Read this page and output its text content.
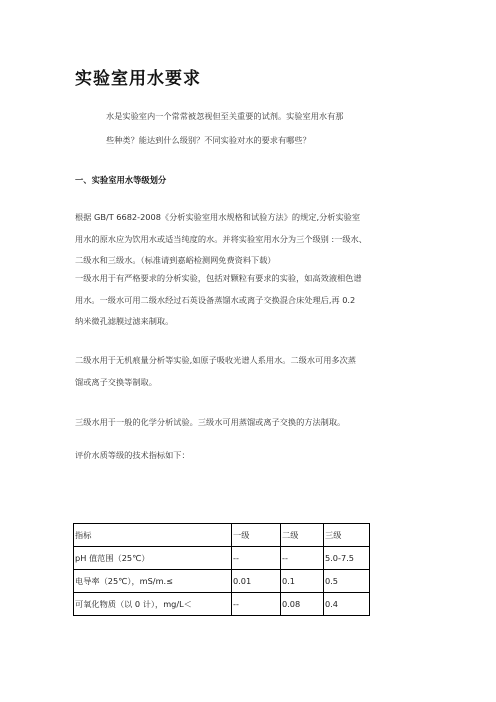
实验室用水要求
水是实验室内一个常常被忽视但至关重要的试剂。实验室用水有那
些种类？能达到什么级别？不同实验对水的要求有哪些？
一、实验室用水等级划分
根据 GB/T 6682-2008《分析实验室用水规格和试验方法》的规定,分析实验室
用水的原水应为饮用水或适当纯度的水。并将实验室用水分为三个级别 :一级水、
二级水和三级水。（标准请到嘉峪检测网免费资料下载）
一级水用于有严格要求的分析实验，包括对颗粒有要求的实验，如高效液相色谱
用水。一级水可用二级水经过石英设备蒸馏水或离子交换混合床处理后,再 0.2
纳米微孔滤膜过滤来制取。
二级水用于无机痕量分析等实验,如原子吸收光谱人系用水。二级水可用多次蒸
馏或离子交换等制取。
三级水用于一般的化学分析试验。三级水可用蒸馏或离子交换的方法制取。
评价水质等级的技术指标如下：
指标	一级	二级	三级
pH 值范围（25℃）	--	--	5.0-7.5
电导率（25℃），mS/m.≤	0.01	0.1	0.5
可氧化物质（以 0 计），mg/L＜	--	0.08	0.4
